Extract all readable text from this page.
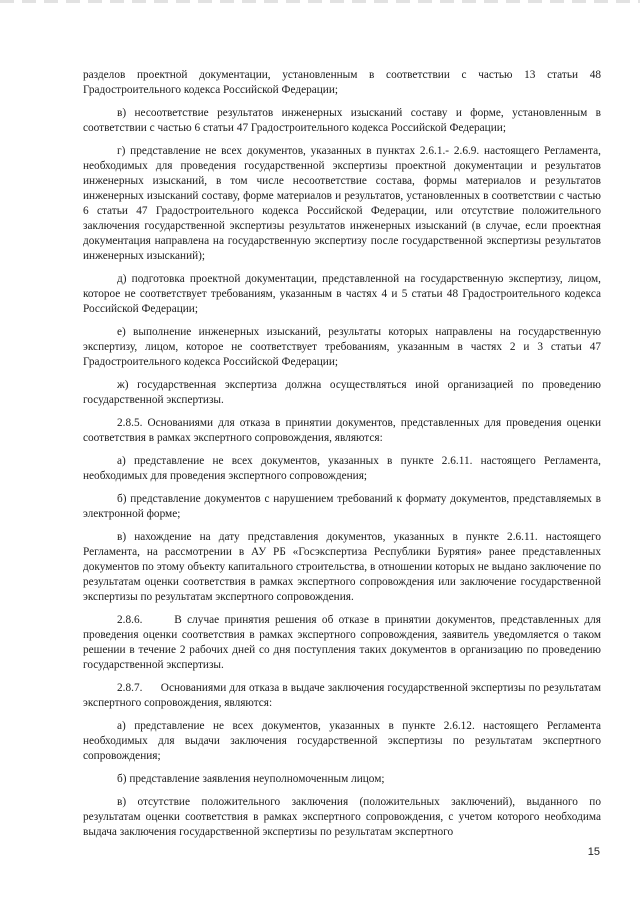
разделов проектной документации, установленным в соответствии с частью 13 статьи 48 Градостроительного кодекса Российской Федерации;

в) несоответствие результатов инженерных изысканий составу и форме, установленным в соответствии с частью 6 статьи 47 Градостроительного кодекса Российской Федерации;

г) представление не всех документов, указанных в пунктах 2.6.1.- 2.6.9. настоящего Регламента, необходимых для проведения государственной экспертизы проектной документации и результатов инженерных изысканий, в том числе несоответствие состава, формы материалов и результатов инженерных изысканий составу, форме материалов и результатов, установленных в соответствии с частью 6 статьи 47 Градостроительного кодекса Российской Федерации, или отсутствие положительного заключения государственной экспертизы результатов инженерных изысканий (в случае, если проектная документация направлена на государственную экспертизу после государственной экспертизы результатов инженерных изысканий);

д) подготовка проектной документации, представленной на государственную экспертизу, лицом, которое не соответствует требованиям, указанным в частях 4 и 5 статьи 48 Градостроительного кодекса Российской Федерации;

е) выполнение инженерных изысканий, результаты которых направлены на государственную экспертизу, лицом, которое не соответствует требованиям, указанным в частях 2 и 3 статьи 47 Градостроительного кодекса Российской Федерации;

ж) государственная экспертиза должна осуществляться иной организацией по проведению государственной экспертизы.

2.8.5. Основаниями для отказа в принятии документов, представленных для проведения оценки соответствия в рамках экспертного сопровождения, являются:

а) представление не всех документов, указанных в пункте 2.6.11. настоящего Регламента, необходимых для проведения экспертного сопровождения;

б) представление документов с нарушением требований к формату документов, представляемых в электронной форме;

в) нахождение на дату представления документов, указанных в пункте 2.6.11. настоящего Регламента, на рассмотрении в АУ РБ «Госэкспертиза Республики Бурятия» ранее представленных документов по этому объекту капитального строительства, в отношении которых не выдано заключение по результатам оценки соответствия в рамках экспертного сопровождения или заключение государственной экспертизы по результатам экспертного сопровождения.

2.8.6.      В случае принятия решения об отказе в принятии документов, представленных для проведения оценки соответствия в рамках экспертного сопровождения, заявитель уведомляется о таком решении в течение 2 рабочих дней со дня поступления таких документов в организацию по проведению государственной экспертизы.

2.8.7.      Основаниями для отказа в выдаче заключения государственной экспертизы по результатам экспертного сопровождения, являются:

а) представление не всех документов, указанных в пункте 2.6.12. настоящего Регламента необходимых для выдачи заключения государственной экспертизы по результатам экспертного сопровождения;

б) представление заявления неуполномоченным лицом;

в) отсутствие положительного заключения (положительных заключений), выданного по результатам оценки соответствия в рамках экспертного сопровождения, с учетом которого необходима выдача заключения государственной экспертизы по результатам экспертного

15
